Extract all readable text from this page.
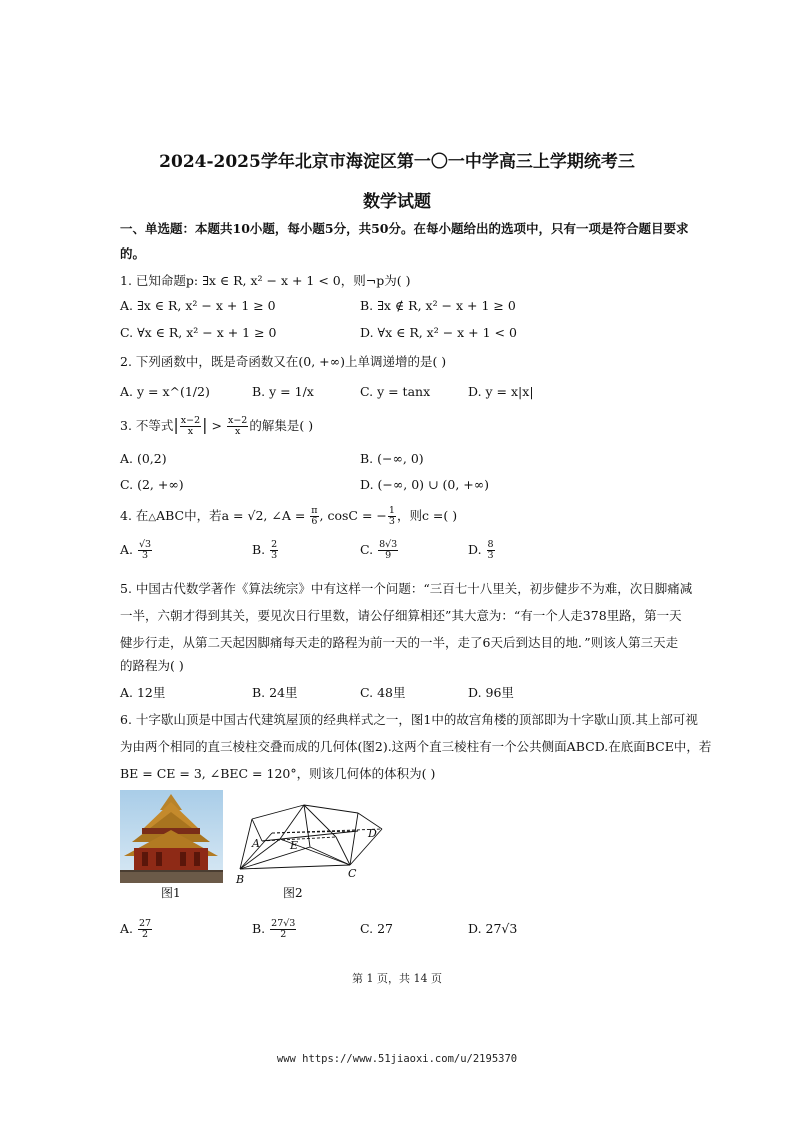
2024-2025学年北京市海淀区第一〇一中学高三上学期统考三
数学试题
一、单选题：本题共10小题，每小题5分，共50分。在每小题给出的选项中，只有一项是符合题目要求
的。
1. 已知命题p: ∃x ∈ R, x² − x + 1 < 0，则¬p为( )
A. ∃x ∈ R, x² − x + 1 ≥ 0	B. ∃x ∉ R, x² − x + 1 ≥ 0
C. ∀x ∈ R, x² − x + 1 ≥ 0	D. ∀x ∈ R, x² − x + 1 < 0
2. 下列函数中，既是奇函数又在(0, +∞)上单调递增的是( )
A. y = x^(1/2)	B. y = 1/x	C. y = tanx	D. y = x|x|
3. 不等式| $\frac{x-2}{x}$ | > $\frac{x-2}{x}$ 的解集是( )
A. (0,2)	B. (−∞, 0)
C. (2, +∞)	D. (−∞, 0) ∪ (0, +∞)
4. 在△ABC中，若a = √2, ∠A = $\frac{\pi}{6}$ , cosC = − $\frac{1}{3}$ ，则c =( )
A. $\frac{√3}{3}$	B. $\frac{2}{3}$	C. $\frac{8√3}{9}$	D. $\frac{8}{3}$
5. 中国古代数学著作《算法统宗》中有这样一个问题：“三百七十八里关，初步健步不为难，次日脚痛减
一半，六朝才得到其关，要见次日行里数，请公仔细算相还”其大意为：“有一个人走378里路，第一天
健步行走，从第二天起因脚痛每天走的路程为前一天的一半，走了6天后到达目的地．”则该人第三天走
的路程为( )
A. 12里	B. 24里	C. 48里	D. 96里
6. 十字歇山顶是中国古代建筑屋顶的经典样式之一，图1中的故宫角楼的顶部即为十字歇山顶.其上部可视
为由两个相同的直三棱柱交叠而成的几何体(图2).这两个直三棱柱有一个公共侧面ABCD.在底面BCE中，若
BE = CE = 3, ∠BEC = 120°，则该几何体的体积为( )
图1
A
B	C
D
E
图2
A. $\frac{27}{2}$	B. $\frac{27√3}{2}$	C. 27	D. 27√3
第 1 页，共 14 页
www https://www.51jiaoxi.com/u/2195370
